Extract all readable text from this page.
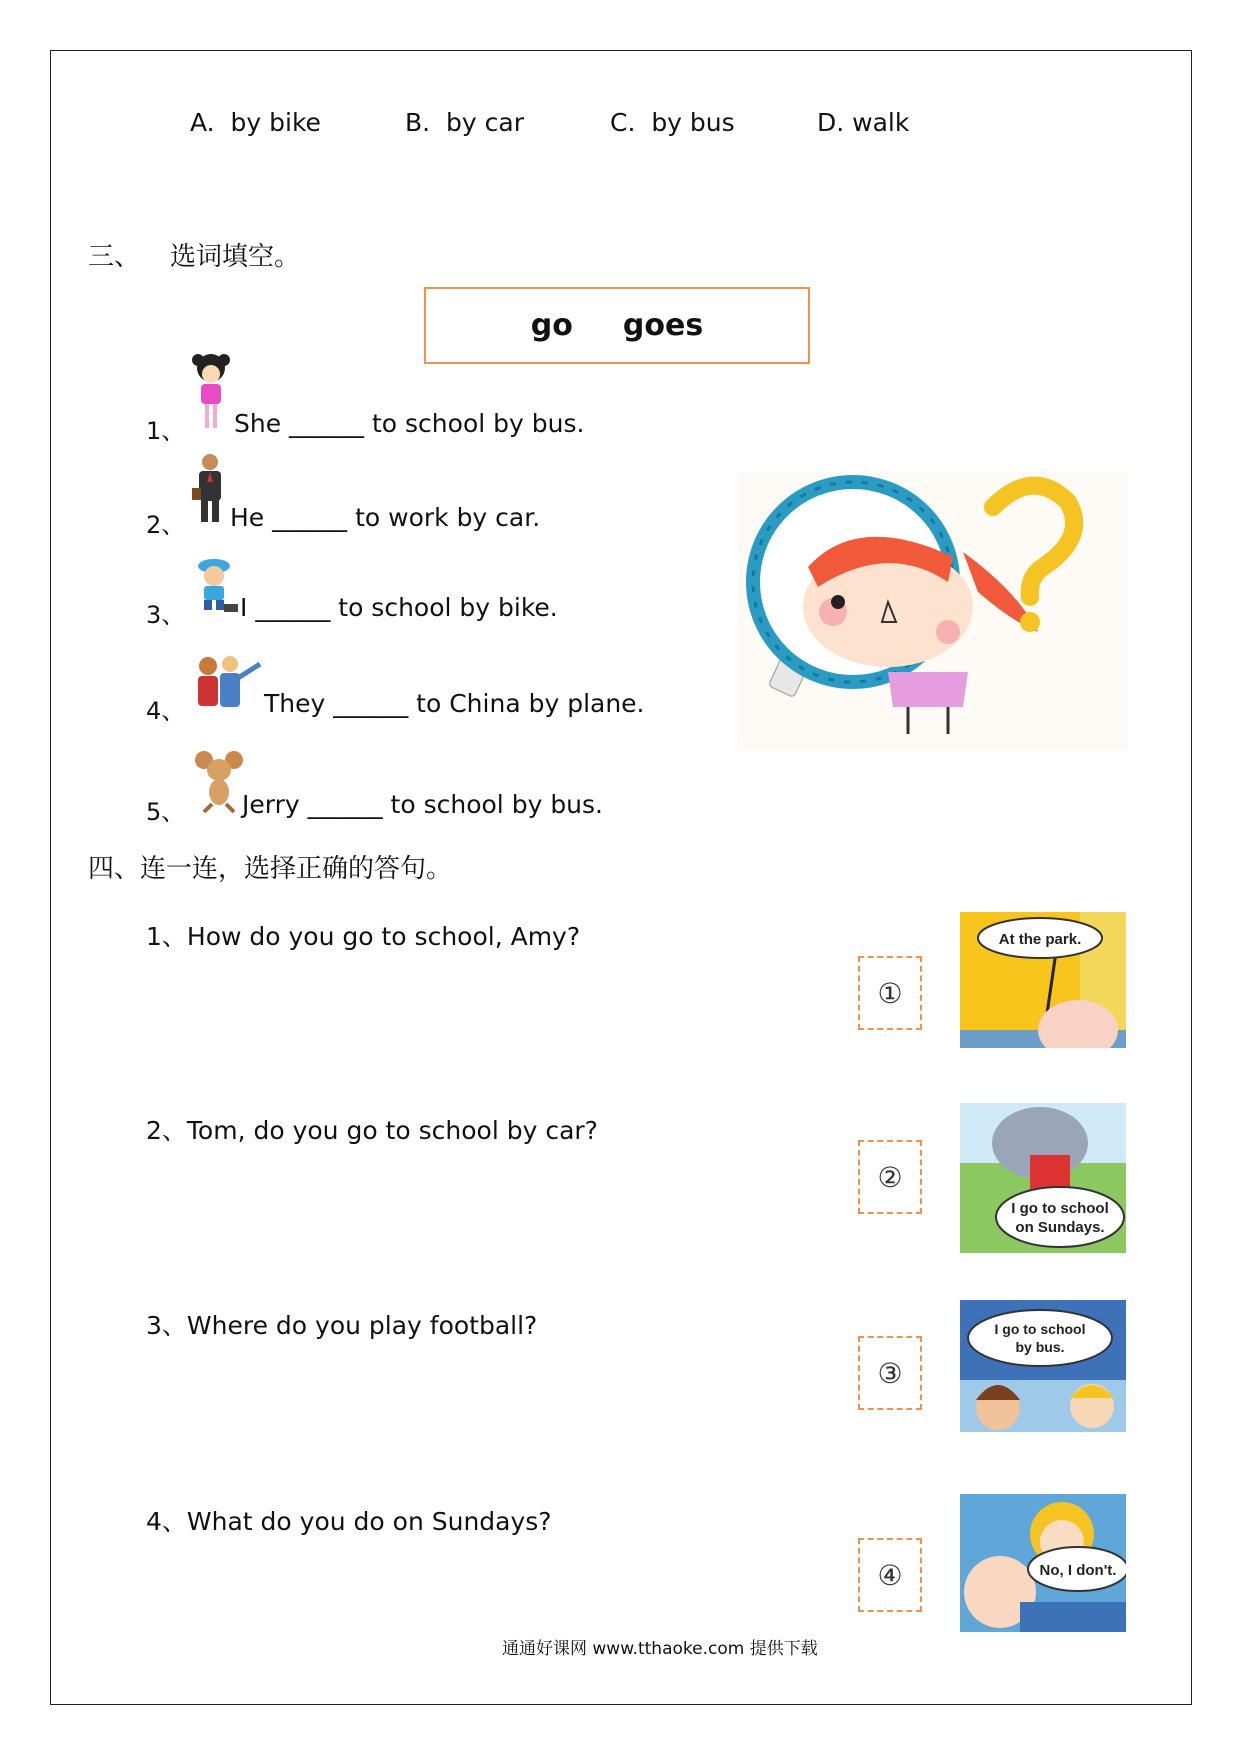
A. by bike	B. by car	C. by bus	D. walk
三、 选词填空。
go goes
1、 She ______ to school by bus.
2、 He ______ to work by car.
3、 I ______ to school by bike.
4、	They ______ to China by plane.
5、 Jerry ______ to school by bus.
四、连一连，选择正确的答句。
1、How do you go to school, Amy?
2、Tom, do you go to school by car?
3、Where do you play football?
4、What do you do on Sundays?
①
②
③
④
At the park.
I go to school
on Sundays.
I go to school
by bus.
No, I don't.
通通好课网 www.tthaoke.com 提供下载
